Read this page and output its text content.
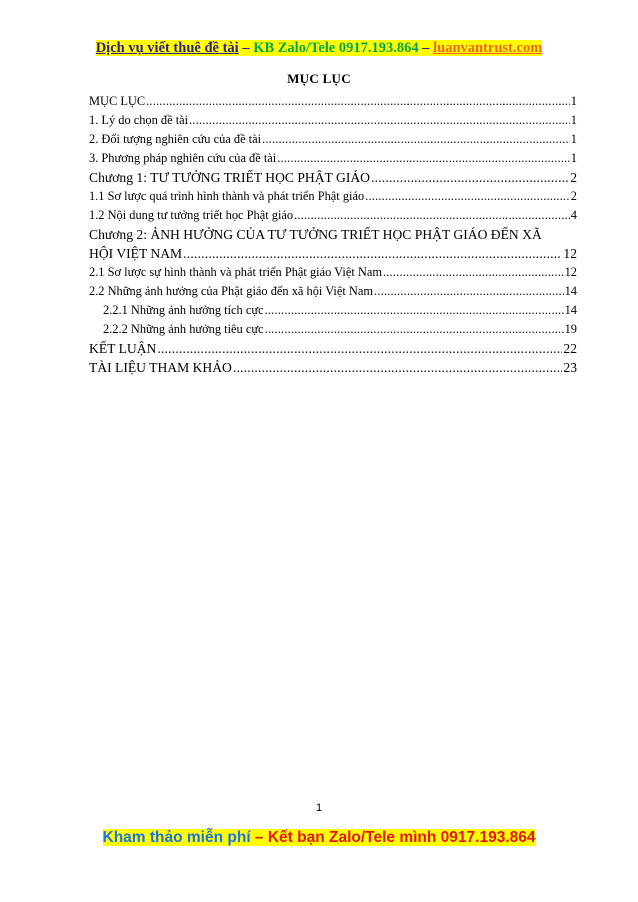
Dịch vụ viết thuê đề tài – KB Zalo/Tele 0917.193.864 – luanvantrust.com
MỤC LỤC
MỤC LỤC .....	1
1. Lý do chọn đề tài .....	1
2. Đối tượng nghiên cứu của đề tài .....	1
3. Phương pháp nghiên cứu của đề tài .....	1
Chương 1: TƯ TƯỞNG TRIẾT HỌC PHẬT GIÁO .....	2
1.1 Sơ lược quá trình hình thành và phát triển Phật giáo .....	2
1.2 Nội dung tư tưởng triết học Phật giáo .....	4
Chương 2: ẢNH HƯỞNG CỦA TƯ TƯỞNG TRIẾT HỌC PHẬT GIÁO ĐẾN XÃ
HỘI VIỆT NAM .....	12
2.1 Sơ lược sự hình thành và phát triển Phật giáo Việt Nam .....	12
2.2 Những ảnh hưởng của Phật giáo đến xã hội Việt Nam .....	14
2.2.1 Những ảnh hưởng tích cực .....	14
2.2.2 Những ảnh hưởng tiêu cực .....	19
KẾT LUẬN .....	22
TÀI LIỆU THAM KHẢO .....	23
1
Kham thảo miễn phí – Kết bạn Zalo/Tele mình 0917.193.864
